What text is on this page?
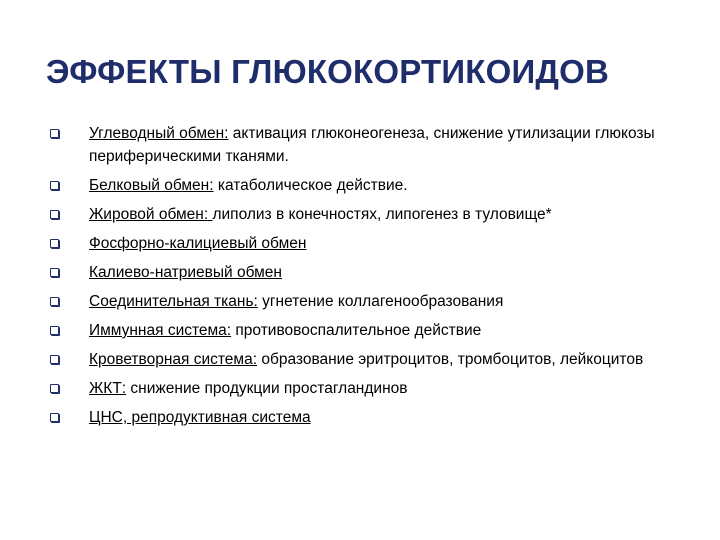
ЭФФЕКТЫ ГЛЮКОКОРТИКОИДОВ
Углеводный обмен: активация глюконеогенеза, снижение утилизации глюкозы периферическими тканями.
Белковый обмен: катаболическое действие.
Жировой обмен: липолиз в конечностях, липогенез в туловище*
Фосфорно-калициевый обмен
Калиево-натриевый обмен
Соединительная ткань: угнетение коллагенообразования
Иммунная система: противовоспалительное действие
Кроветворная система: образование эритроцитов, тромбоцитов, лейкоцитов
ЖКТ: снижение продукции простагландинов
ЦНС, репродуктивная система
